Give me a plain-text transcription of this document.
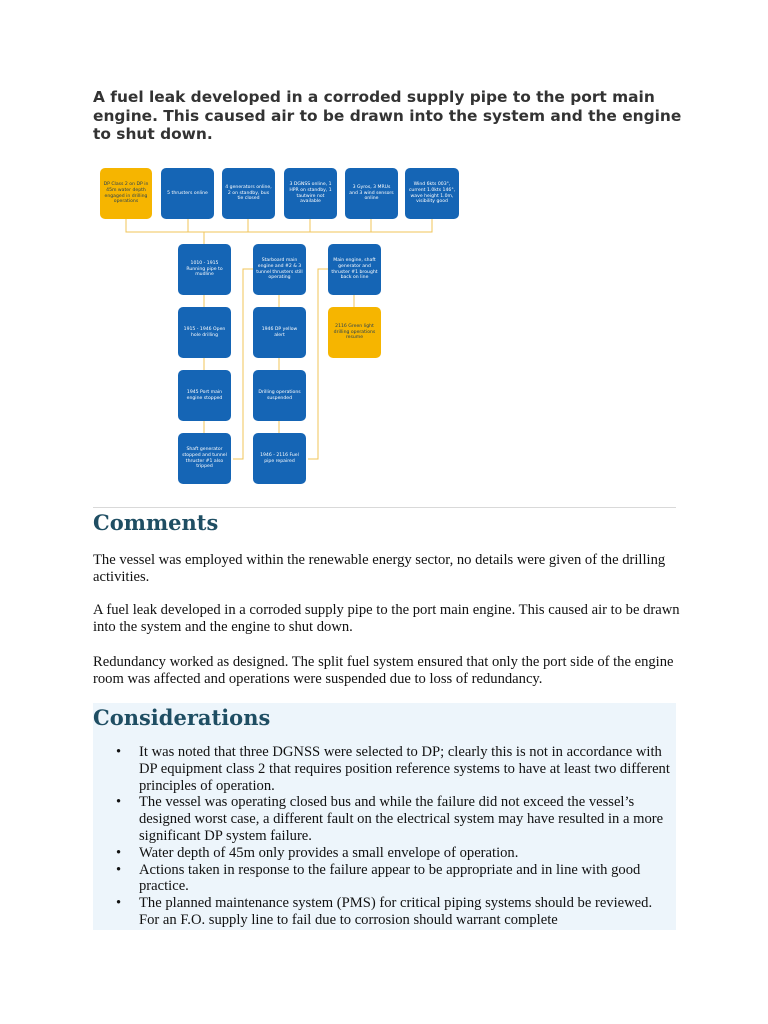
A fuel leak developed in a corroded supply pipe to the port main engine. This caused air to be drawn into the system and the engine to shut down.
DP Class 2 on DP in 45m water depth engaged in drilling operations
5 thrusters online
4 generators online, 2 on standby, bus tie closed
3 DGNSS online, 1 HPR on standby, 1 tautwire not available
3 Gyros, 3 MRUs and 3 wind sensors online
Wind 6kts 003°, current 1.0kts 146°, wave height 1.0m, visibility good
1010 - 1915 Running pipe to mudline
1915 - 1946 Open hole drilling
1945 Port main engine stopped
Shaft generator stopped and tunnel thruster #1 also tripped
Starboard main engine and #2 & 3 tunnel thrusters still operating
1946 DP yellow alert
Drilling operations suspended
1946 - 2116 Fuel pipe repaired
Main engine, shaft generator and thruster #1 brought back on line
2116 Green light drilling operations resume
Comments

The vessel was employed within the renewable energy sector, no details were given of the drilling activities.

A fuel leak developed in a corroded supply pipe to the port main engine. This caused air to be drawn into the system and the engine to shut down.

Redundancy worked as designed. The split fuel system ensured that only the port side of the engine room was affected and operations were suspended due to loss of redundancy.

Considerations
• It was noted that three DGNSS were selected to DP; clearly this is not in accordance with DP equipment class 2 that requires position reference systems to have at least two different principles of operation.
• The vessel was operating closed bus and while the failure did not exceed the vessel’s designed worst case, a different fault on the electrical system may have resulted in a more significant DP system failure.
• Water depth of 45m only provides a small envelope of operation.
• Actions taken in response to the failure appear to be appropriate and in line with good practice.
• The planned maintenance system (PMS) for critical piping systems should be reviewed. For an F.O. supply line to fail due to corrosion should warrant complete
